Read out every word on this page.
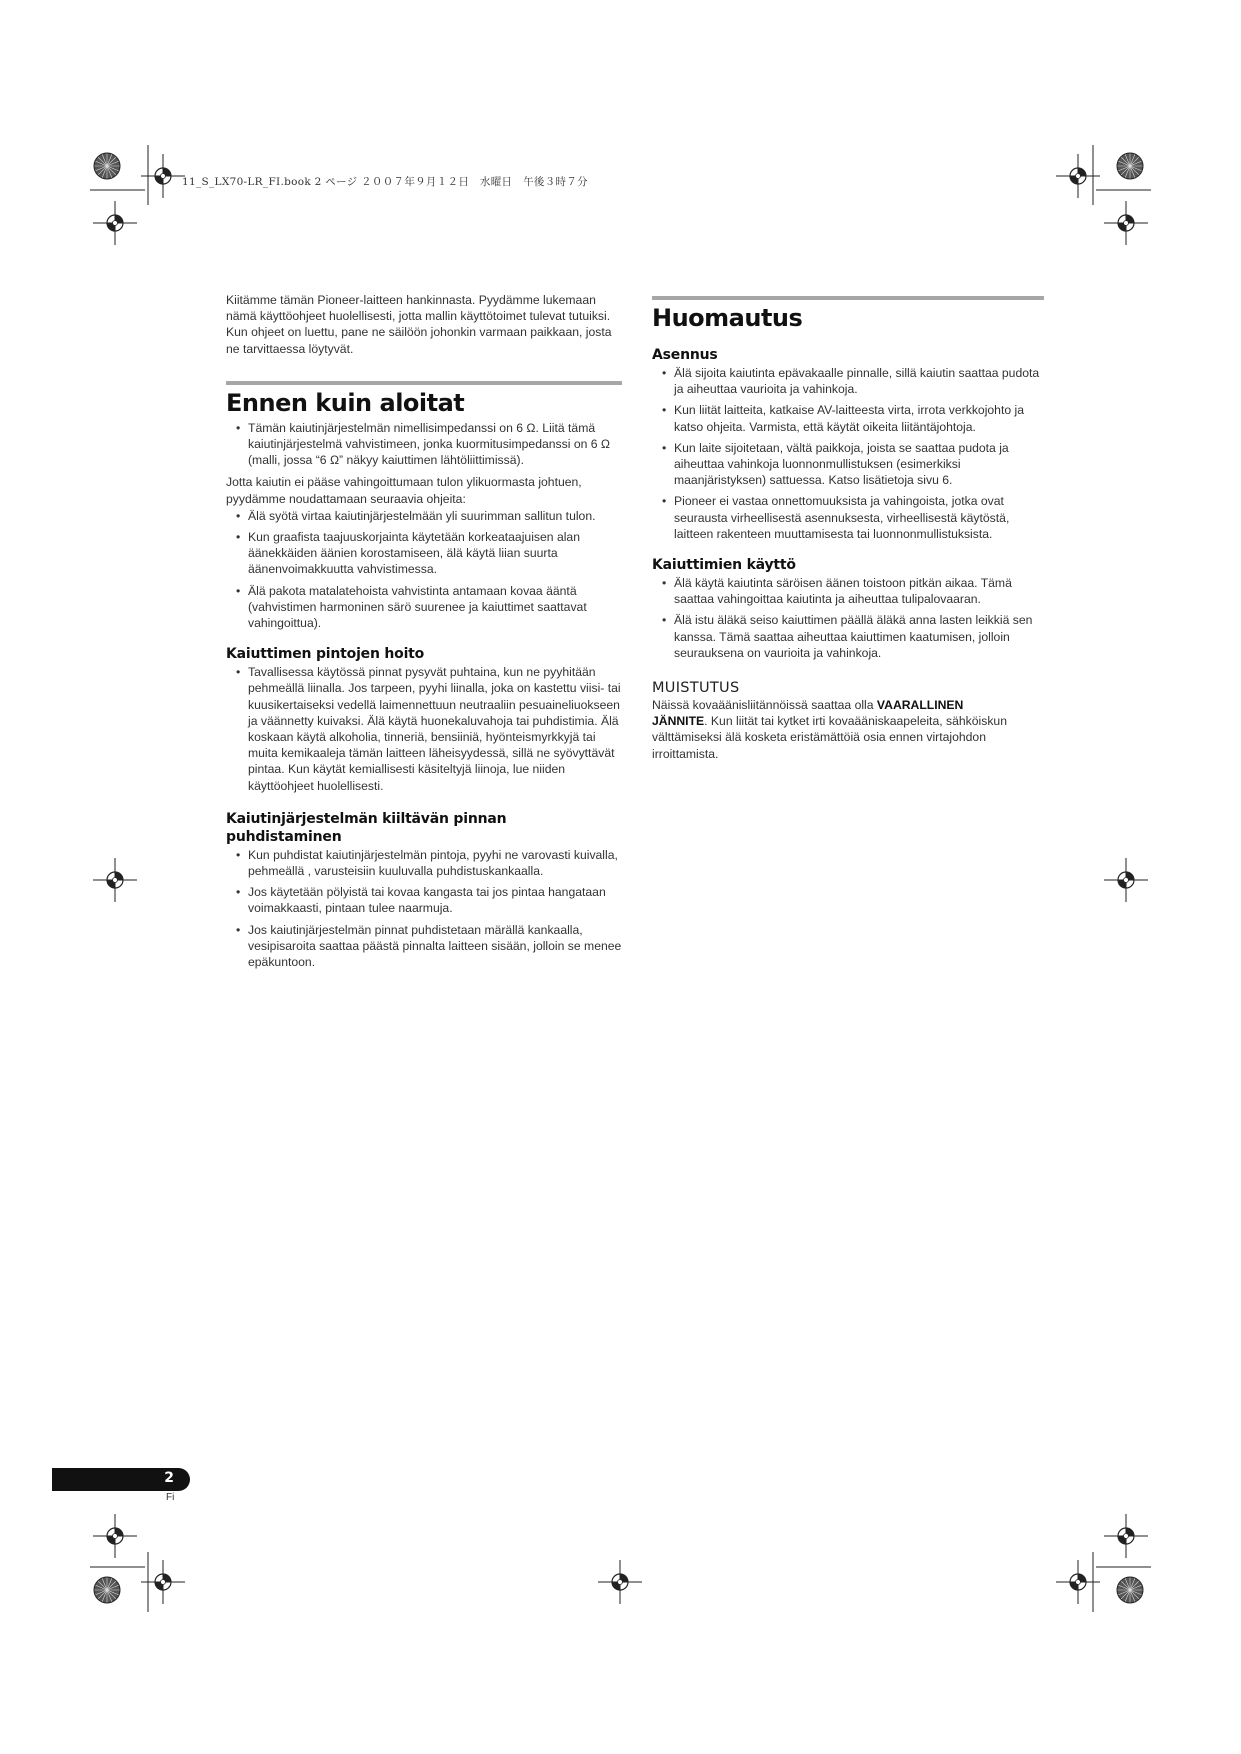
11_S_LX70-LR_FI.book 2 ページ ２００７年９月１２日　水曜日　午後３時７分

Kiitämme tämän Pioneer-laitteen hankinnasta. Pyydämme lukemaan nämä käyttöohjeet huolellisesti, jotta mallin käyttötoimet tulevat tutuiksi. Kun ohjeet on luettu, pane ne säilöön johonkin varmaan paikkaan, josta ne tarvittaessa löytyvät.

Ennen kuin aloitat
• Tämän kaiutinjärjestelmän nimellisimpedanssi on 6 Ω. Liitä tämä kaiutinjärjestelmä vahvistimeen, jonka kuormitusimpedanssi on 6 Ω (malli, jossa “6 Ω” näkyy kaiuttimen lähtöliittimissä).

Jotta kaiutin ei pääse vahingoittumaan tulon ylikuormasta johtuen, pyydämme noudattamaan seuraavia ohjeita:

• Älä syötä virtaa kaiutinjärjestelmään yli suurimman sallitun tulon.
• Kun graafista taajuuskorjainta käytetään korkeataajuisen alan äänekkäiden äänien korostamiseen, älä käytä liian suurta äänenvoimakkuutta vahvistimessa.
• Älä pakota matalatehoista vahvistinta antamaan kovaa ääntä (vahvistimen harmoninen särö suurenee ja kaiuttimet saattavat vahingoittua).
Kaiuttimen pintojen hoito
• Tavallisessa käytössä pinnat pysyvät puhtaina, kun ne pyyhitään pehmeällä liinalla. Jos tarpeen, pyyhi liinalla, joka on kastettu viisi- tai kuusikertaiseksi vedellä laimennettuun neutraaliin pesuaineliuokseen ja väännetty kuivaksi. Älä käytä huonekaluvahoja tai puhdistimia. Älä koskaan käytä alkoholia, tinneriä, bensiiniä, hyönteismyrkkyjä tai muita kemikaaleja tämän laitteen läheisyydessä, sillä ne syövyttävät pintaa. Kun käytät kemiallisesti käsiteltyjä liinoja, lue niiden käyttöohjeet huolellisesti.
Kaiutinjärjestelmän kiiltävän pinnan puhdistaminen
• Kun puhdistat kaiutinjärjestelmän pintoja, pyyhi ne varovasti kuivalla, pehmeällä , varusteisiin kuuluvalla puhdistuskankaalla.
• Jos käytetään pölyistä tai kovaa kangasta tai jos pintaa hangataan voimakkaasti, pintaan tulee naarmuja.
• Jos kaiutinjärjestelmän pinnat puhdistetaan märällä kankaalla, vesipisaroita saattaa päästä pinnalta laitteen sisään, jolloin se menee epäkuntoon.
Huomautus
Asennus
• Älä sijoita kaiutinta epävakaalle pinnalle, sillä kaiutin saattaa pudota ja aiheuttaa vaurioita ja vahinkoja.
• Kun liität laitteita, katkaise AV-laitteesta virta, irrota verkkojohto ja katso ohjeita. Varmista, että käytät oikeita liitäntäjohtoja.
• Kun laite sijoitetaan, vältä paikkoja, joista se saattaa pudota ja aiheuttaa vahinkoja luonnonmullistuksen (esimerkiksi maanjäristyksen) sattuessa. Katso lisätietoja sivu 6.
• Pioneer ei vastaa onnettomuuksista ja vahingoista, jotka ovat seurausta virheellisestä asennuksesta, virheellisestä käytöstä, laitteen rakenteen muuttamisesta tai luonnonmullistuksista.
Kaiuttimien käyttö
• Älä käytä kaiutinta säröisen äänen toistoon pitkän aikaa. Tämä saattaa vahingoittaa kaiutinta ja aiheuttaa tulipalovaaran.
• Älä istu äläkä seiso kaiuttimen päällä äläkä anna lasten leikkiä sen kanssa. Tämä saattaa aiheuttaa kaiuttimen kaatumisen, jolloin seurauksena on vaurioita ja vahinkoja.
MUISTUTUS

Näissä kovaäänisliitännöissä saattaa olla VAARALLINEN
JÄNNITE. Kun liität tai kytket irti kovaääniskaapeleita, sähköiskun välttämiseksi älä kosketa eristämättöiä osia ennen virtajohdon irroittamista.

2
Fi
